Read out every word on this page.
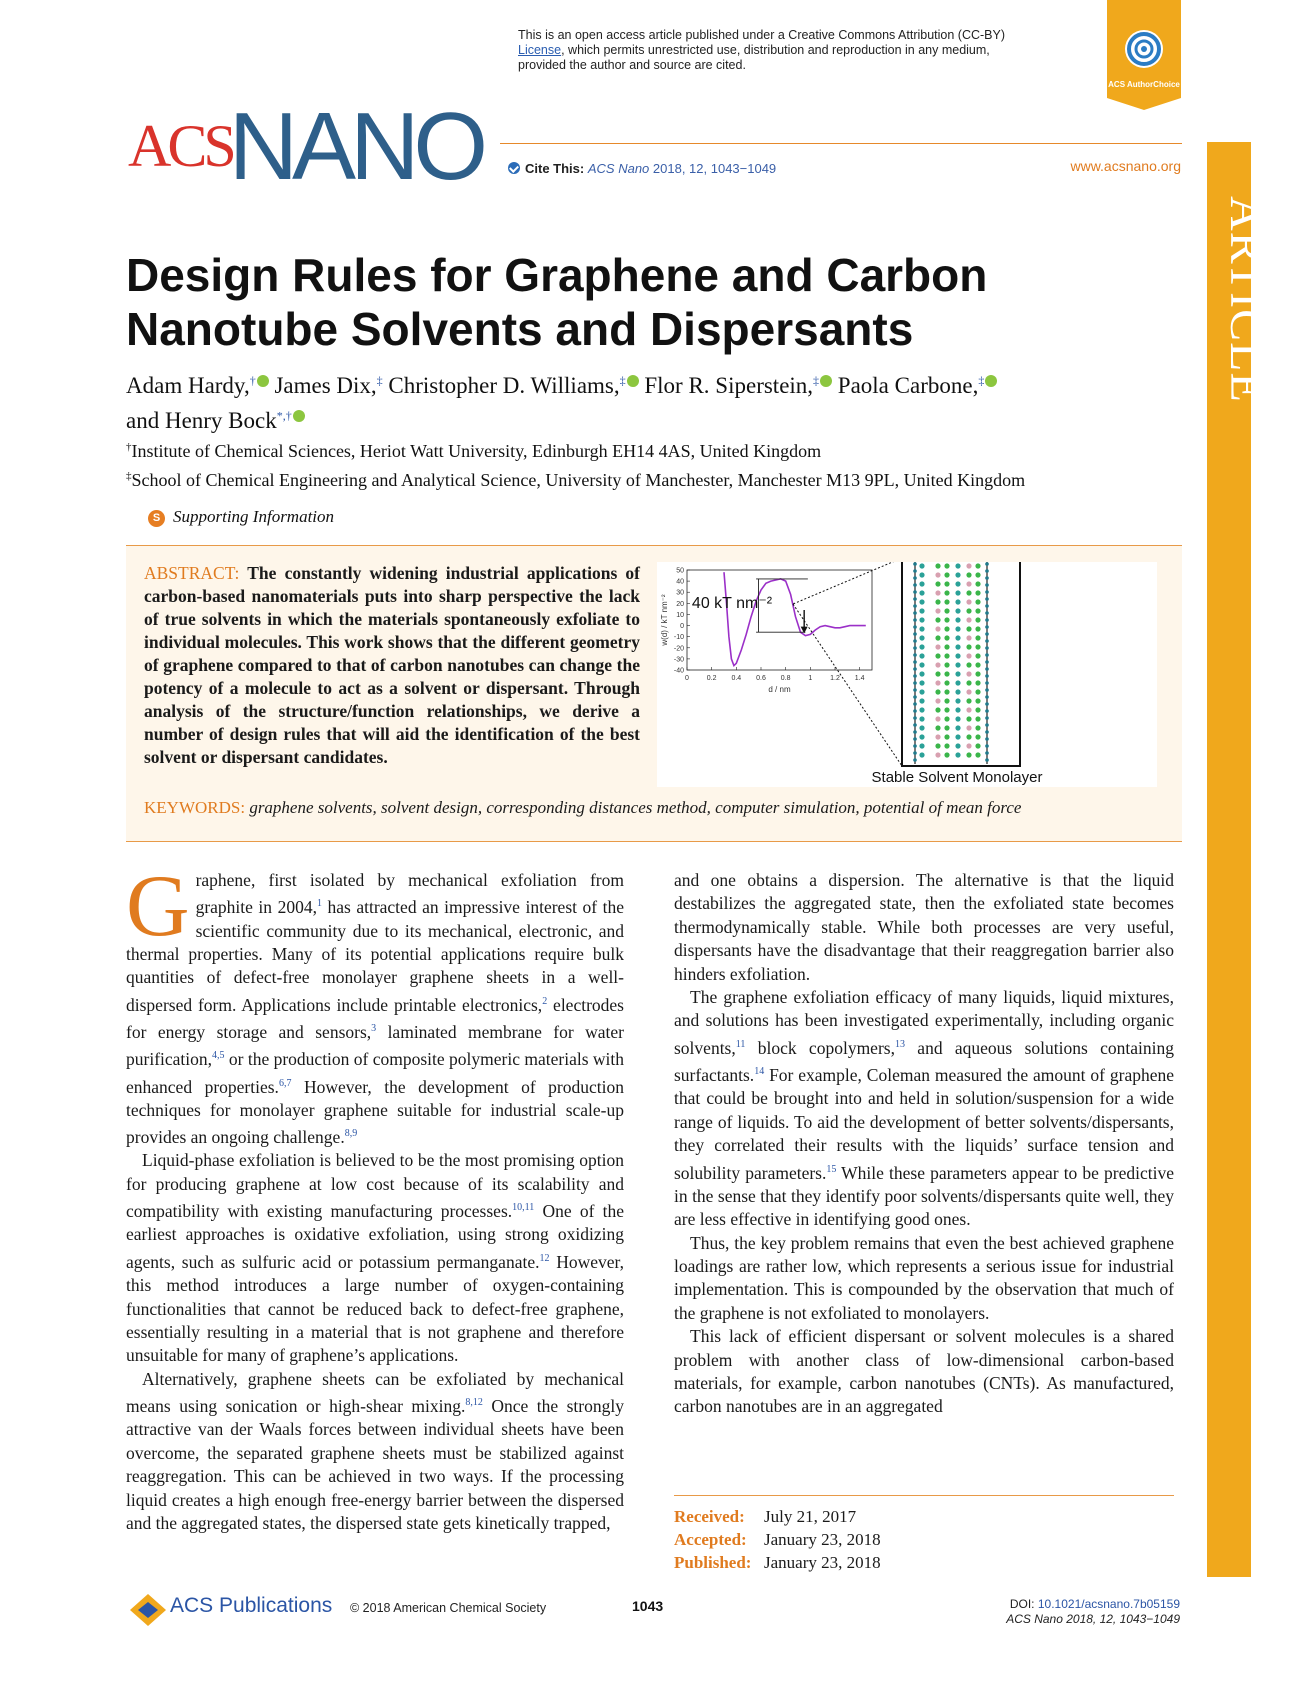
This is an open access article published under a Creative Commons Attribution (CC-BY)
License, which permits unrestricted use, distribution and reproduction in any medium,
provided the author and source are cited.
ACS AuthorChoice
ACSNANO	Cite This: ACS Nano 2018, 12, 1043−1049	www.acsnano.org
ARTICLE
Design Rules for Graphene and Carbon Nanotube Solvents and Dispersants
Adam Hardy,† James Dix,‡ Christopher D. Williams,‡ Flor R. Siperstein,‡ Paola Carbone,‡
and Henry Bock*,†
†Institute of Chemical Sciences, Heriot Watt University, Edinburgh EH14 4AS, United Kingdom
‡School of Chemical Engineering and Analytical Science, University of Manchester, Manchester M13 9PL, United Kingdom
S Supporting Information
ABSTRACT: The constantly widening industrial applications of carbon-based nanomaterials puts into sharp perspective the lack of true solvents in which the materials spontaneously exfoliate to individual molecules. This work shows that the different geometry of graphene compared to that of carbon nanotubes can change the potency of a molecule to act as a solvent or dispersant. Through analysis of the structure/function relationships, we derive a number of design rules that will aid the identification of the best solvent or dispersant candidates.
0	0.2 0.4 0.6 0.8	1	1.2 1.4
50
40
30
20
10
0
-10
-20
-30
-40
40 kT nm⁻²
w(d) / kT nm⁻²
d / nm
Stable Solvent Monolayer
KEYWORDS: graphene solvents, solvent design, corresponding distances method, computer simulation, potential of mean force

Graphene, first isolated by mechanical exfoliation from graphite in 2004,$^1$ has attracted an impressive interest of the scientific community due to its mechanical, electronic, and thermal properties. Many of its potential applications require bulk quantities of defect-free monolayer graphene sheets in a well-dispersed form. Applications include printable electronics,$^2$ electrodes for energy storage and sensors,$^3$ laminated membrane for water purification,$^{4,5}$ or the production of composite polymeric materials with enhanced properties.$^{6,7}$ However, the development of production techniques for monolayer graphene suitable for industrial scale-up provides an ongoing challenge.$^{8,9}$

Liquid-phase exfoliation is believed to be the most promising option for producing graphene at low cost because of its scalability and compatibility with existing manufacturing processes.$^{10,11}$ One of the earliest approaches is oxidative exfoliation, using strong oxidizing agents, such as sulfuric acid or potassium permanganate.$^{12}$ However, this method introduces a large number of oxygen-containing functionalities that cannot be reduced back to defect-free graphene, essentially resulting in a material that is not graphene and therefore unsuitable for many of graphene’s applications.

Alternatively, graphene sheets can be exfoliated by mechanical means using sonication or high-shear mixing.$^{8,12}$ Once the strongly attractive van der Waals forces between individual sheets have been overcome, the separated graphene sheets must be stabilized against reaggregation. This can be achieved in two ways. If the processing liquid creates a high enough free-energy barrier between the dispersed and the aggregated states, the dispersed state gets kinetically trapped,

and one obtains a dispersion. The alternative is that the liquid destabilizes the aggregated state, then the exfoliated state becomes thermodynamically stable. While both processes are very useful, dispersants have the disadvantage that their reaggregation barrier also hinders exfoliation.

The graphene exfoliation efficacy of many liquids, liquid mixtures, and solutions has been investigated experimentally, including organic solvents,$^{11}$ block copolymers,$^{13}$ and aqueous solutions containing surfactants.$^{14}$ For example, Coleman measured the amount of graphene that could be brought into and held in solution/suspension for a wide range of liquids. To aid the development of better solvents/dispersants, they correlated their results with the liquids’ surface tension and solubility parameters.$^{15}$ While these parameters appear to be predictive in the sense that they identify poor solvents/dispersants quite well, they are less effective in identifying good ones.

Thus, the key problem remains that even the best achieved graphene loadings are rather low, which represents a serious issue for industrial implementation. This is compounded by the observation that much of the graphene is not exfoliated to monolayers.

This lack of efficient dispersant or solvent molecules is a shared problem with another class of low-dimensional carbon-based materials, for example, carbon nanotubes (CNTs). As manufactured, carbon nanotubes are in an aggregated

Received: July 21, 2017
Accepted: January 23, 2018
Published: January 23, 2018
ACS Publications © 2018 American Chemical Society	1043	DOI: 10.1021/acsnano.7b05159
ACS Nano 2018, 12, 1043−1049
